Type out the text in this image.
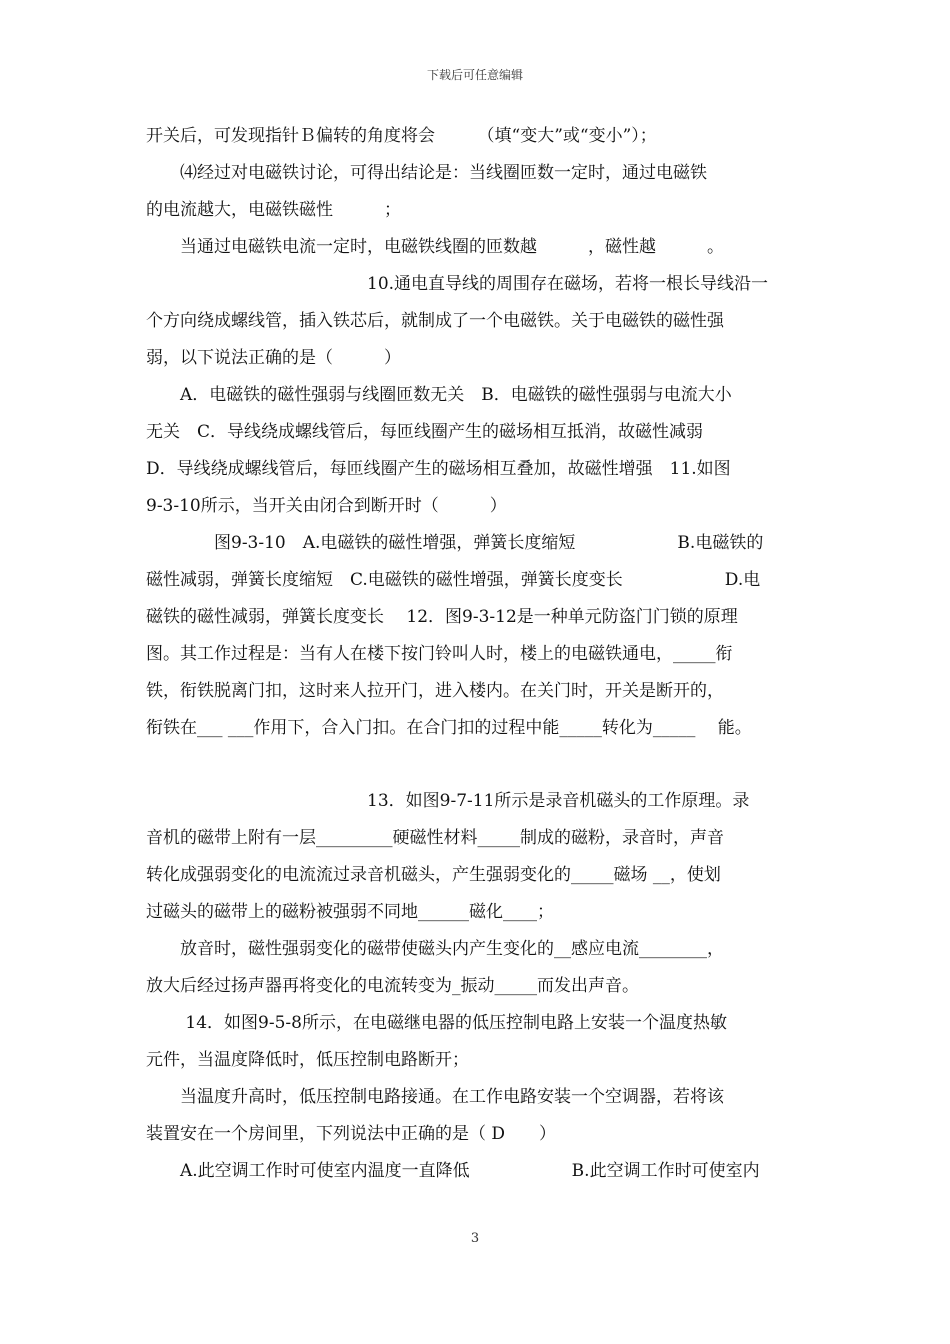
下载后可任意编辑
开关后，可发现指针Ｂ偏转的角度将会　　　（填“变大”或“变小”）；
　　⑷经过对电磁铁讨论，可得出结论是：当线圈匝数一定时，通过电磁铁
的电流越大，电磁铁磁性　　　；
　　当通过电磁铁电流一定时，电磁铁线圈的匝数越　　　，磁性越　　　。
　　　　　　　　　　　　　10.通电直导线的周围存在磁场，若将一根长导线沿一
个方向绕成螺线管，插入铁芯后，就制成了一个电磁铁。关于电磁铁的磁性强
弱，以下说法正确的是（　　　）
　　A．电磁铁的磁性强弱与线圈匝数无关　B．电磁铁的磁性强弱与电流大小
无关　C．导线绕成螺线管后，每匝线圈产生的磁场相互抵消，故磁性减弱
D．导线绕成螺线管后，每匝线圈产生的磁场相互叠加，故磁性增强　11.如图
9-3-10所示，当开关由闭合到断开时（　　　）
　　　　图9-3-10　A.电磁铁的磁性增强，弹簧长度缩短　　　　　　B.电磁铁的
磁性减弱，弹簧长度缩短　C.电磁铁的磁性增强，弹簧长度变长　　　　　　D.电
磁铁的磁性减弱，弹簧长度变长　 12．图9-3-12是一种单元防盗门门锁的原理
图。其工作过程是：当有人在楼下按门铃叫人时，楼上的电磁铁通电，_____衔
铁，衔铁脱离门扣，这时来人拉开门，进入楼内。在关门时，开关是断开的，
衔铁在___ ___作用下，合入门扣。在合门扣的过程中能_____转化为_____　 能。
　　　　　　　　　　　　　13．如图9-7-11所示是录音机磁头的工作原理。录
音机的磁带上附有一层_________硬磁性材料_____制成的磁粉，录音时，声音
转化成强弱变化的电流流过录音机磁头，产生强弱变化的_____磁场 __，使划
过磁头的磁带上的磁粉被强弱不同地______磁化____；
　　放音时，磁性强弱变化的磁带使磁头内产生变化的__感应电流________，
放大后经过扬声器再将变化的电流转变为_振动_____而发出声音。
　　 14．如图9-5-8所示，在电磁继电器的低压控制电路上安装一个温度热敏
元件，当温度降低时，低压控制电路断开；
　　当温度升高时，低压控制电路接通。在工作电路安装一个空调器，若将该
装置安在一个房间里，下列说法中正确的是（ D　　）
　　A.此空调工作时可使室内温度一直降低　　　　　　B.此空调工作时可使室内
3
